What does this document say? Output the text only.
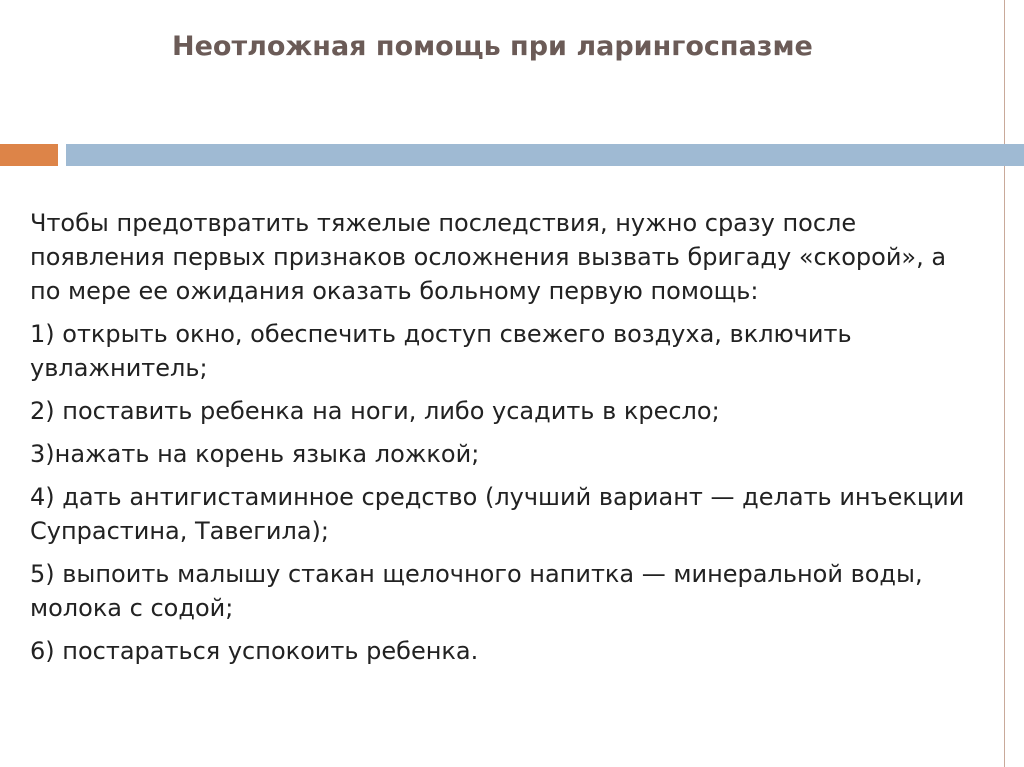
Неотложная помощь при ларингоспазме

Чтобы предотвратить тяжелые последствия, нужно сразу после появления первых признаков осложнения вызвать бригаду «скорой», а по мере ее ожидания оказать больному первую помощь:

1) открыть окно, обеспечить доступ свежего воздуха, включить увлажнитель;

2) поставить ребенка на ноги, либо усадить в кресло;

3)нажать на корень языка ложкой;

4) дать антигистаминное средство (лучший вариант — делать инъекции Супрастина, Тавегила);

5) выпоить малышу стакан щелочного напитка — минеральной воды, молока с содой;

6) постараться успокоить ребенка.
